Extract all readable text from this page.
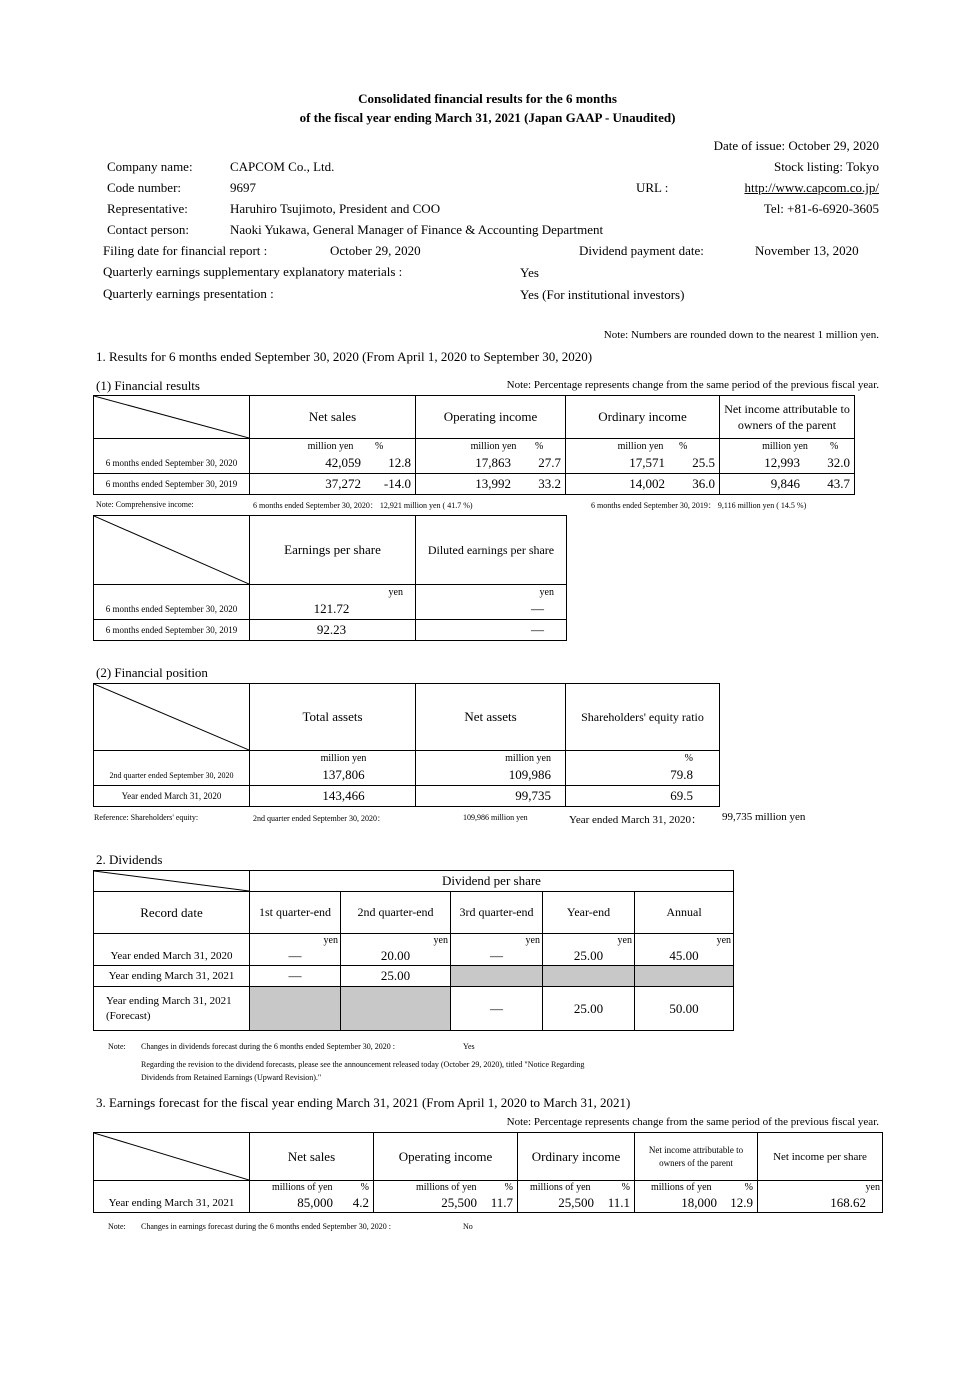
Consolidated financial results for the 6 months
of the fiscal year ending March 31, 2021 (Japan GAAP - Unaudited)
Date of issue: October 29, 2020
Company name:	CAPCOM Co., Ltd.	Stock listing: Tokyo
Code number:	9697	URL :	http://www.capcom.co.jp/
Representative:	Haruhiro Tsujimoto, President and COO	Tel: +81-6-6920-3605
Contact person:	Naoki Yukawa, General Manager of Finance & Accounting Department
Filing date for financial report :	October 29, 2020	Dividend payment date:	November 13, 2020
Quarterly earnings supplementary explanatory materials :	Yes
Quarterly earnings presentation :	Yes (For institutional investors)
Note: Numbers are rounded down to the nearest 1 million yen.
1. Results for 6 months ended September 30, 2020 (From April 1, 2020 to September 30, 2020)
(1) Financial results	Note: Percentage represents change from the same period of the previous fiscal year.
	Net sales	Operating income	Ordinary income	Net income attributable to owners of the parent

	million yen %	million yen %	million yen %	million yen %

6 months ended September 30, 2020	42,059 12.8	17,863 27.7	17,571 25.5	12,993 32.0

6 months ended September 30, 2019	37,272 -14.0	13,992 33.2	14,002 36.0	9,846 43.7
Note: Comprehensive income:	6 months ended September 30, 2020： 12,921 million yen ( 41.7 %)	6 months ended September 30, 2019： 9,116 million yen ( 14.5 %)
	Earnings per share	Diluted earnings per share
	yen	yen
6 months ended September 30, 2020	121.72	—
6 months ended September 30, 2019	92.23	—
(2) Financial position
	Total assets	Net assets	Shareholders' equity ratio
	million yen	million yen	%
2nd quarter ended September 30, 2020	137,806	109,986	79.8
Year ended March 31, 2020	143,466	99,735	69.5
Reference: Shareholders' equity:	2nd quarter ended September 30, 2020：	109,986 million yen	Year ended March 31, 2020： 99,735 million yen
2. Dividends
	Dividend per share				
Record date	1st quarter-end	2nd quarter-end	3rd quarter-end	Year-end	Annual
	yen	yen	yen	yen	yen
Year ended March 31, 2020	—	20.00	—	25.00	45.00
Year ending March 31, 2021	—	25.00			
Year ending March 31, 2021 (Forecast)			—	25.00	50.00
Note: Changes in dividends forecast during the 6 months ended September 30, 2020 :	Yes
Regarding the revision to the dividend forecasts, please see the announcement released today (October 29, 2020), titled "Notice Regarding
Dividends from Retained Earnings (Upward Revision)."
3. Earnings forecast for the fiscal year ending March 31, 2021 (From April 1, 2020 to March 31, 2021)
Note: Percentage represents change from the same period of the previous fiscal year.
	Net sales	Operating income	Ordinary income	Net income attributable to owners of the parent	Net income per share

	millions of yen %	millions of yen %	millions of yen %	millions of yen %	yen
Year ending March 31, 2021	85,000 4.2	25,500 11.7	25,500 11.1	18,000 12.9	168.62
Note: Changes in earnings forecast during the 6 months ended September 30, 2020 :	No
